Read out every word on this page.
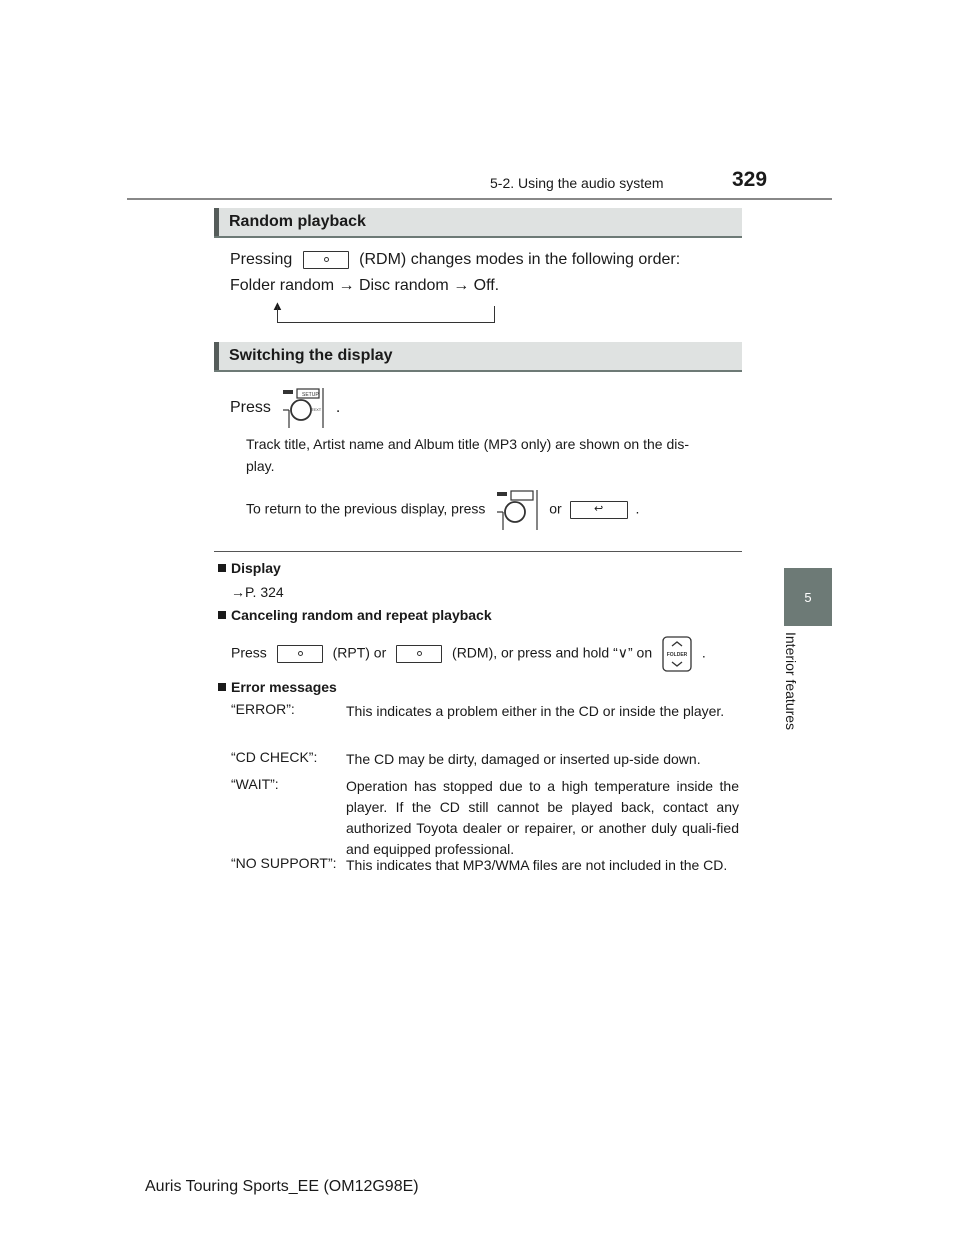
5-2. Using the audio system	329
5
Interior features
Random playback
Pressing	(RDM) changes modes in the following order:
Folder random → Disc random → Off.
▲
Switching the display
Press
SETUP
TEXT .
Track title, Artist name and Album title (MP3 only) are shown on the dis-
play.
To return to the previous display, press	or	↩ .
Display
→P. 324
Canceling random and repeat playback
Press	(RPT) or	(RDM), or press and hold “∨” on	FOLDER .
Error messages
“ERROR”:	This indicates a problem either in the CD or inside the player.
“CD CHECK”: The CD may be dirty, damaged or inserted up-side down.
“WAIT”:	Operation has stopped due to a high temperature inside the player. If the CD still cannot be played back, contact any authorized Toyota dealer or repairer, or another duly quali-fied and equipped professional.
“NO SUPPORT”: This indicates that MP3/WMA files are not included in the CD.
Auris Touring Sports_EE (OM12G98E)
